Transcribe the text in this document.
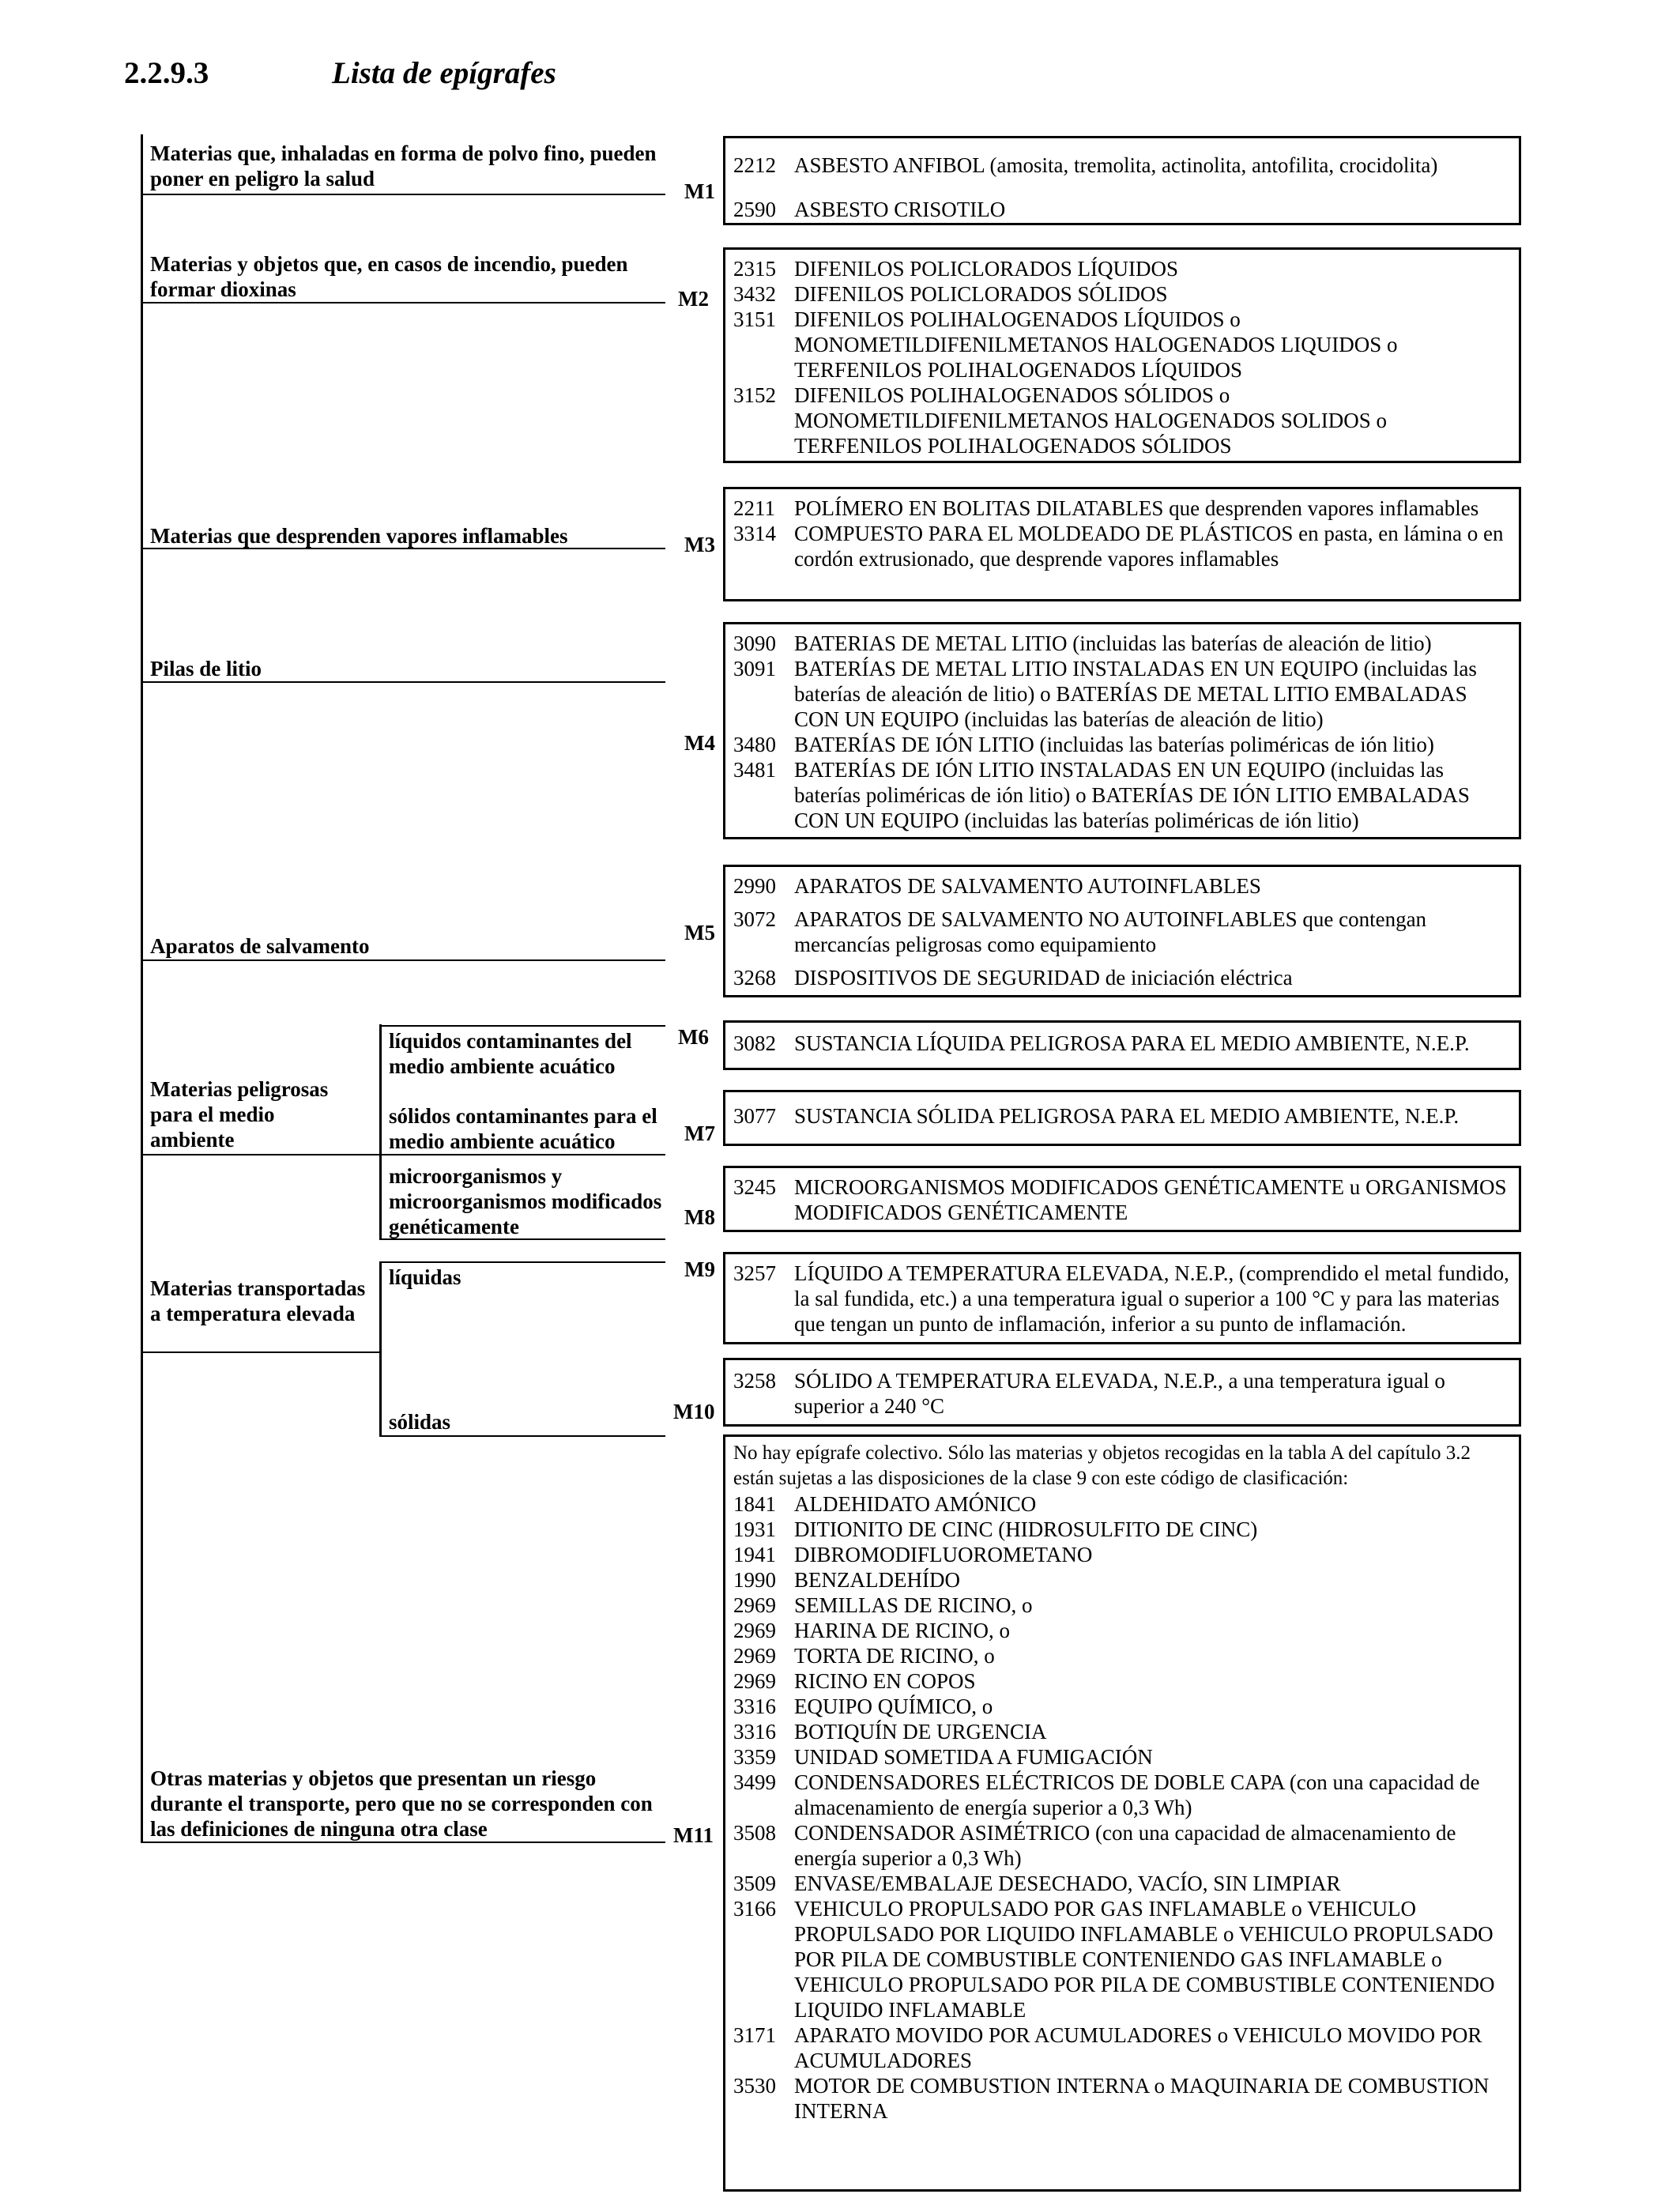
2.2.9.3	Lista de epígrafes
Materias que, inhaladas en forma de polvo fino, pueden poner en peligro la salud
Materias y objetos que, en casos de incendio, pueden formar dioxinas
Materias que desprenden vapores inflamables
Pilas de litio
Aparatos de salvamento
Materias peligrosas para el medio ambiente
líquidos contaminantes del medio ambiente acuático
sólidos contaminantes para el medio ambiente acuático
microorganismos y microorganismos modificados genéticamente
Materias transportadas a temperatura elevada
líquidas
sólidas
Otras materias y objetos que presentan un riesgo durante el transporte, pero que no se corresponden con las definiciones de ninguna otra clase
M1
M2
M3
M4
M5
M6
M7
M8
M9
M10
M11
2212 ASBESTO ANFIBOL (amosita, tremolita, actinolita, antofilita, crocidolita)
2590 ASBESTO CRISOTILO
2315 DIFENILOS POLICLORADOS LÍQUIDOS
3432 DIFENILOS POLICLORADOS SÓLIDOS
3151 DIFENILOS POLIHALOGENADOS LÍQUIDOS o MONOMETILDIFENILMETANOS HALOGENADOS LIQUIDOS o TERFENILOS POLIHALOGENADOS LÍQUIDOS
3152 DIFENILOS POLIHALOGENADOS SÓLIDOS o MONOMETILDIFENILMETANOS HALOGENADOS SOLIDOS o TERFENILOS POLIHALOGENADOS SÓLIDOS
2211 POLÍMERO EN BOLITAS DILATABLES que desprenden vapores inflamables
3314 COMPUESTO PARA EL MOLDEADO DE PLÁSTICOS en pasta, en lámina o en cordón extrusionado, que desprende vapores inflamables
3090 BATERIAS DE METAL LITIO (incluidas las baterías de aleación de litio)
3091 BATERÍAS DE METAL LITIO INSTALADAS EN UN EQUIPO (incluidas las baterías de aleación de litio) o BATERÍAS DE METAL LITIO EMBALADAS CON UN EQUIPO (incluidas las baterías de aleación de litio)
3480 BATERÍAS DE IÓN LITIO (incluidas las baterías poliméricas de ión litio)
3481 BATERÍAS DE IÓN LITIO INSTALADAS EN UN EQUIPO (incluidas las baterías poliméricas de ión litio) o BATERÍAS DE IÓN LITIO EMBALADAS CON UN EQUIPO (incluidas las baterías poliméricas de ión litio)
2990 APARATOS DE SALVAMENTO AUTOINFLABLES
3072 APARATOS DE SALVAMENTO NO AUTOINFLABLES que contengan mercancías peligrosas como equipamiento
3268 DISPOSITIVOS DE SEGURIDAD de iniciación eléctrica
3082 SUSTANCIA LÍQUIDA PELIGROSA PARA EL MEDIO AMBIENTE, N.E.P.
3077 SUSTANCIA SÓLIDA PELIGROSA PARA EL MEDIO AMBIENTE, N.E.P.
3245 MICROORGANISMOS MODIFICADOS GENÉTICAMENTE u ORGANISMOS MODIFICADOS GENÉTICAMENTE
3257 LÍQUIDO A TEMPERATURA ELEVADA, N.E.P., (comprendido el metal fundido, la sal fundida, etc.) a una temperatura igual o superior a 100 °C y para las materias que tengan un punto de inflamación, inferior a su punto de inflamación.
3258 SÓLIDO A TEMPERATURA ELEVADA, N.E.P., a una temperatura igual o superior a 240 °C
No hay epígrafe colectivo. Sólo las materias y objetos recogidas en la tabla A del capítulo 3.2 están sujetas a las disposiciones de la clase 9 con este código de clasificación:
1841 ALDEHIDATO AMÓNICO
1931 DITIONITO DE CINC (HIDROSULFITO DE CINC)
1941 DIBROMODIFLUOROMETANO
1990 BENZALDEHÍDO
2969 SEMILLAS DE RICINO, o
2969 HARINA DE RICINO, o
2969 TORTA DE RICINO, o
2969 RICINO EN COPOS
3316 EQUIPO QUÍMICO, o
3316 BOTIQUÍN DE URGENCIA
3359 UNIDAD SOMETIDA A FUMIGACIÓN
3499 CONDENSADORES ELÉCTRICOS DE DOBLE CAPA (con una capacidad de almacenamiento de energía superior a 0,3 Wh)
3508 CONDENSADOR ASIMÉTRICO (con una capacidad de almacenamiento de energía superior a 0,3 Wh)
3509 ENVASE/EMBALAJE DESECHADO, VACÍO, SIN LIMPIAR
3166 VEHICULO PROPULSADO POR GAS INFLAMABLE o VEHICULO PROPULSADO POR LIQUIDO INFLAMABLE o VEHICULO PROPULSADO POR PILA DE COMBUSTIBLE CONTENIENDO GAS INFLAMABLE o VEHICULO PROPULSADO POR PILA DE COMBUSTIBLE CONTENIENDO LIQUIDO INFLAMABLE
3171 APARATO MOVIDO POR ACUMULADORES o VEHICULO MOVIDO POR ACUMULADORES
3530 MOTOR DE COMBUSTION INTERNA o MAQUINARIA DE COMBUSTION INTERNA
